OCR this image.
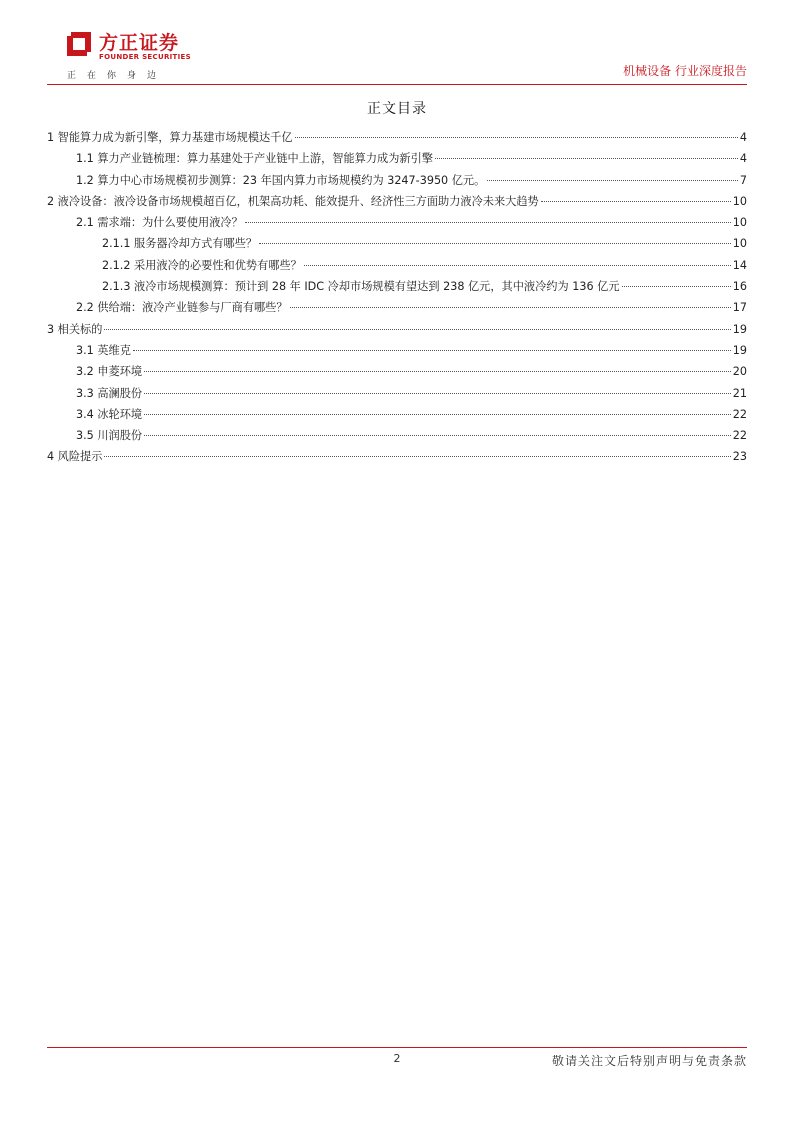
方正证券
FOUNDER SECURITIES
正在你身边	机械设备 行业深度报告
正文目录
1 智能算力成为新引擎，算力基建市场规模达千亿	4
1.1 算力产业链梳理：算力基建处于产业链中上游，智能算力成为新引擎	4
1.2 算力中心市场规模初步测算：23 年国内算力市场规模约为 3247-3950 亿元。	7
2 液冷设备：液冷设备市场规模超百亿，机架高功耗、能效提升、经济性三方面助力液冷未来大趋势	10
2.1 需求端：为什么要使用液冷？	10
2.1.1 服务器冷却方式有哪些？	10
2.1.2 采用液冷的必要性和优势有哪些？	14
2.1.3 液冷市场规模测算：预计到 28 年 IDC 冷却市场规模有望达到 238 亿元，其中液冷约为 136 亿元	16
2.2 供给端：液冷产业链参与厂商有哪些？	17
3 相关标的	19
3.1 英维克	19
3.2 申菱环境	20
3.3 高澜股份	21
3.4 冰轮环境	22
3.5 川润股份	22
4 风险提示	23
2	敬请关注文后特别声明与免责条款
